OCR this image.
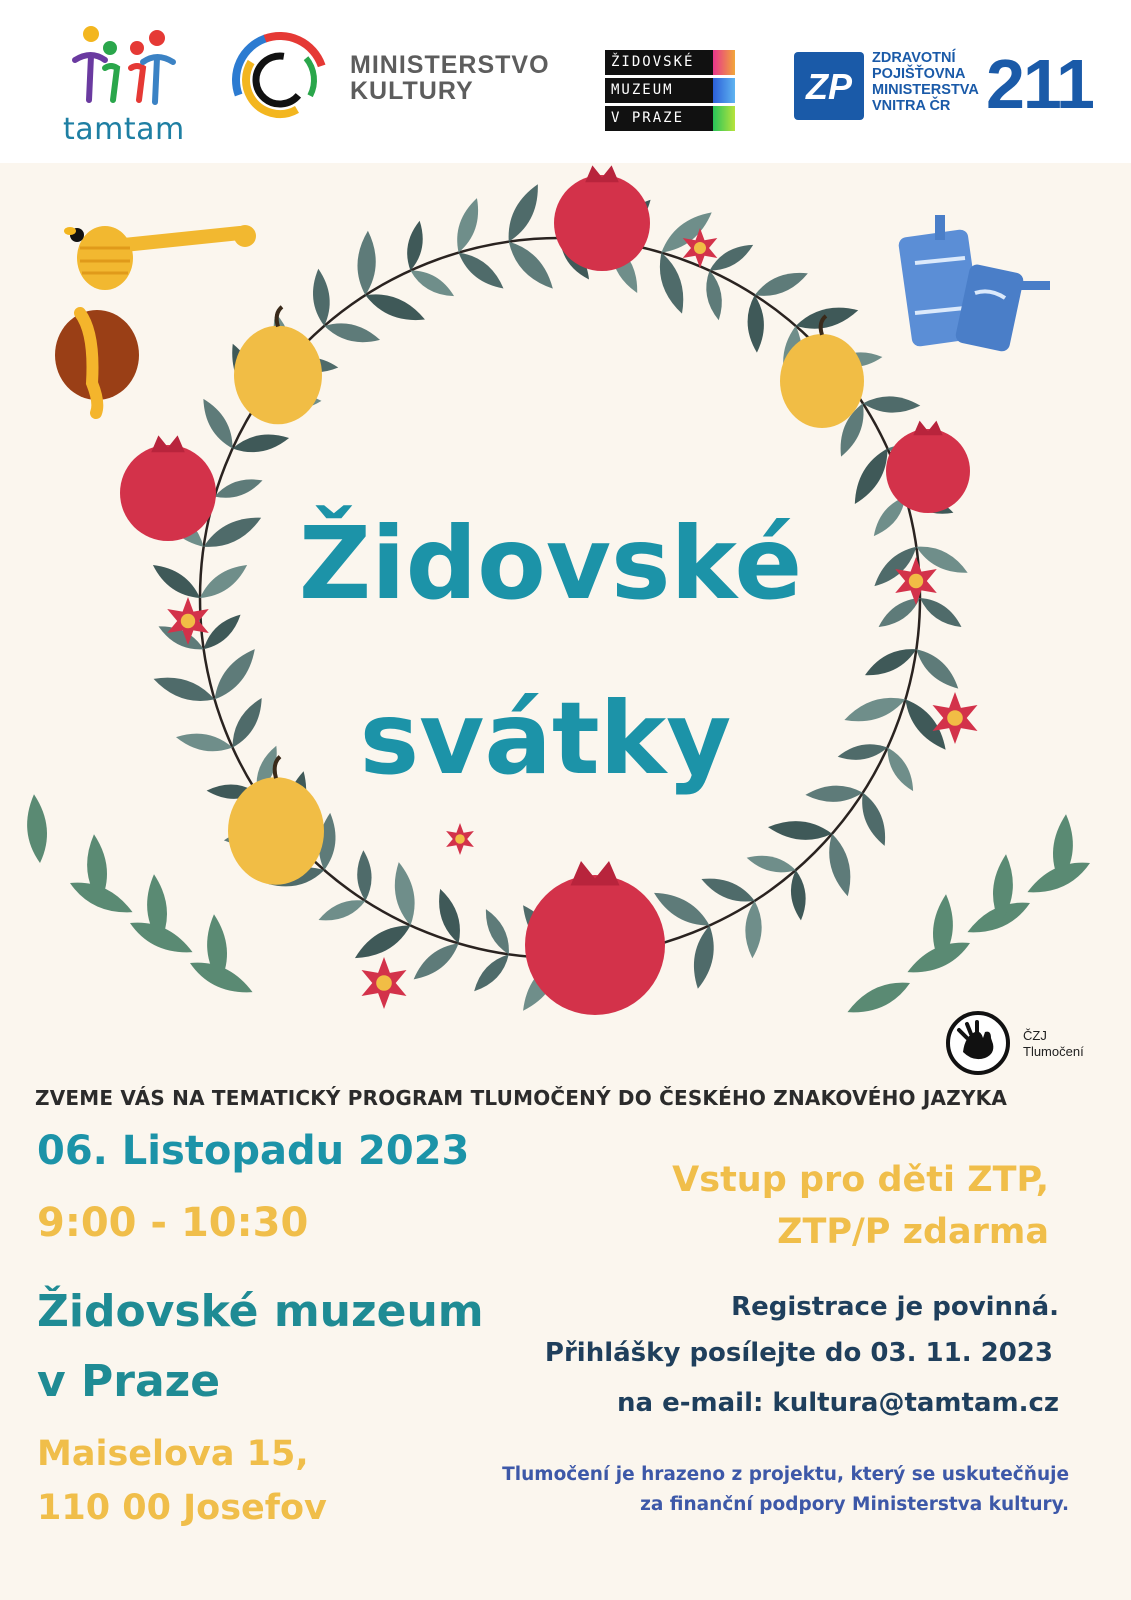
tamtam
MINISTERSTVO
KULTURY
ŽIDOVSKÉ
MUZEUM
V PRAZE
ZP
ZDRAVOTNÍ
POJIŠŤOVNA
MINISTERSTVA
VNITRA ČR 211
Židovské
svátky
ČZJ
Tlumočení
ZVEME VÁS NA TEMATICKÝ PROGRAM TLUMOČENÝ DO ČESKÉHO ZNAKOVÉHO JAZYKA
06. Listopadu 2023
9:00 - 10:30
Židovské muzeum
v Praze
Maiselova 15,
110 00 Josefov
Vstup pro děti ZTP,
ZTP/P zdarma
Registrace je povinná.
Přihlášky posílejte do 03. 11. 2023
na e-mail: kultura@tamtam.cz
Tlumočení je hrazeno z projektu, který se uskutečňuje
za finanční podpory Ministerstva kultury.
